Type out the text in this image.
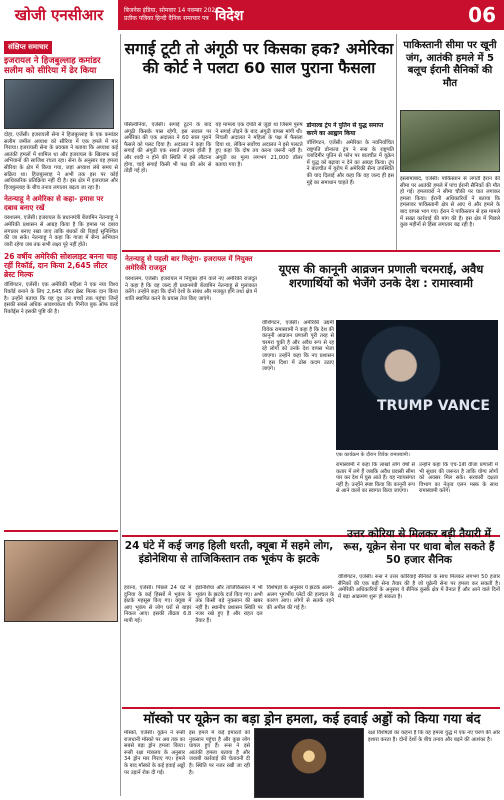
खोजी एनसीआर	बिजनेस इंडिया, सोमवार 14 नवम्बर 2024
प्रतीक पत्रिका हिन्दी दैनिक समाचार पत्र विदेश	06
संक्षिप्त समाचार
इजरायल ने हिजबुल्लाह कमांडर सलीम को सीरिया में ढेर किया
दोहा, एजेंसी। इजरायली सेना ने हिजबुल्लाह के एक कमांडर सलीम जमील अय्याश को सीरिया में एक हमले में मार गिराया। इजरायली सेना के प्रवक्ता ने बताया कि अय्याश कई आतंकी हमलों में शामिल था और इजरायल के खिलाफ कई अभियानों की साजिश रचता रहा। सेना के अनुसार यह हमला सीरिया के क्षेत्र में किया गया, जहां अय्याश लंबे समय से सक्रिय था। हिजबुल्लाह ने अभी तक इस पर कोई आधिकारिक प्रतिक्रिया नहीं दी है। इस क्षेत्र में इजरायल और हिजबुल्लाह के बीच तनाव लगातार बढ़ता जा रहा है।
नेतन्याहू ने अमेरिका से कहा- हमास पर दबाव बनाए रखें
यरुशलम, एजेंसी। इजरायल के प्रधानमंत्री बेंजामिन नेतन्याहू ने अमेरिकी प्रशासन से आग्रह किया है कि हमास पर दबाव लगातार बनाए रखा जाए ताकि बंधकों की रिहाई सुनिश्चित की जा सके। नेतन्याहू ने कहा कि गाजा में सैन्य अभियान जारी रहेगा जब तक सभी लक्ष्य पूरे नहीं होते।
26 वर्षीय अमेरिकी सोशलाइट बनना चाह रहीं रिकॉर्ड, दान किया 2,645 लीटर ब्रेस्ट मिल्क
वॉशिंगटन, एजेंसी। एक अमेरिकी महिला ने एक नया विश्व रिकॉर्ड बनाने के लिए 2,645 लीटर ब्रेस्ट मिल्क दान किया है। उन्होंने बताया कि यह दूध उन बच्चों तक पहुंचा जिन्हें इसकी सबसे अधिक आवश्यकता थी। गिनीज बुक ऑफ वर्ल्ड रिकॉर्ड्स ने इसकी पुष्टि की है।
सगाई टूटी तो अंगूठी पर किसका हक? अमेरिका की कोर्ट ने पलटा 60 साल पुराना फैसला
पेंसिल्वेनिया, एजेंसी। सगाई टूटने के बाद अंगूठी किसके पास रहेगी, इस सवाल पर अमेरिका की एक अदालत ने 60 साल पुराने फैसले को पलट दिया है। अदालत ने कहा कि सगाई की अंगूठी एक सशर्त उपहार होती है और शादी न होने की स्थिति में इसे लौटाना होगा, चाहे सगाई किसी भी पक्ष की ओर से तोड़ी गई हो।
यह मामला एक दंपति से जुड़ा था जिसमें पुरुष ने सगाई तोड़ने के बाद अंगूठी वापस मांगी थी। निचली अदालत ने महिला के पक्ष में फैसला दिया था, लेकिन सर्वोच्च अदालत ने इसे पलटते हुए कहा कि दोष तय करना जरूरी नहीं है। अंगूठी का मूल्य लगभग 21,000 डॉलर बताया गया है।
डोनाल्ड ट्रंप ने पुतिन से युद्ध समाप्त करने का आह्वान किया
वॉशिंगटन, एजेंसी। अमेरिका के नवनिर्वाचित राष्ट्रपति डोनाल्ड ट्रंप ने रूस के राष्ट्रपति व्लादिमीर पुतिन से फोन पर बातचीत में यूक्रेन में युद्ध को बढ़ावा न देने का आग्रह किया। ट्रंप ने बातचीत में यूरोप में अमेरिकी सैन्य उपस्थिति की याद दिलाई और कहा कि वह जल्द ही इस मुद्दे का समाधान चाहते हैं।
पाकिस्तानी सीमा पर खूनी जंग, आतंकी हमले में 5 बलूच ईरानी सैनिकों की मौत
इस्लामाबाद, एजेंसी। पाकिस्तान से लगती ईरान की सीमा पर आतंकी हमले में पांच ईरानी सैनिकों की मौत हो गई। हमलावरों ने सीमा चौकी पर घात लगाकर हमला किया। ईरानी अधिकारियों ने बताया कि हमलावर पाकिस्तानी क्षेत्र से आए थे और हमले के बाद वापस भाग गए। ईरान ने पाकिस्तान से इस मामले में सख्त कार्रवाई की मांग की है। इस क्षेत्र में पिछले कुछ महीनों से हिंसा लगातार बढ़ रही है।
नेतन्याहू से पहली बार मिलूंगा- इजरायल में नियुक्त अमेरिकी राजदूत
यरुशलम, एजेंसी। इजरायल में नियुक्त होने वाले नए अमेरिकी राजदूत ने कहा है कि वह जल्द ही प्रधानमंत्री बेंजामिन नेतन्याहू से मुलाकात करेंगे। उन्होंने कहा कि दोनों देशों के संबंध और मजबूत होंगे तथा क्षेत्र में शांति स्थापित करने के प्रयास तेज किए जाएंगे।
यूएस की कानूनी आव्रजन प्रणाली चरमराई, अवैध शरणार्थियों को भेजेंगे उनके देश : रामास्वामी
वॉशिंगटन, एजेंसी। अमेरिकी उद्यमी विवेक रामास्वामी ने कहा है कि देश की कानूनी आव्रजन प्रणाली पूरी तरह से चरमरा चुकी है और अवैध रूप से रह रहे लोगों को उनके देश वापस भेजा जाएगा। उन्होंने कहा कि नए प्रशासन में इस दिशा में ठोस कदम उठाए जाएंगे।
TRUMP VANCE
एक कार्यक्रम के दौरान विवेक रामास्वामी।
रामास्वामी ने कहा कि लाखों लोग वर्षों से कतार में लगे हैं जबकि अवैध प्रवासी सीमा पार कर देश में घुस आते हैं। यह न्यायसंगत नहीं है। उन्होंने स्पष्ट किया कि कानूनी रूप से आने वालों का स्वागत किया जाएगा।
उन्होंने कहा कि एच-1बी वीजा प्रणाली में भी सुधार की जरूरत है ताकि योग्य लोगों को अवसर मिल सके। सरकारी दक्षता विभाग का नेतृत्व एलन मस्क के साथ रामास्वामी करेंगे।
24 घंटे में कई जगह हिली धरती, क्यूबा में सहमे लोग, इंडोनेशिया से ताजिकिस्तान तक भूकंप के झटके
हवाना, एजेंसी। पिछले 24 घंटे में दुनिया के कई हिस्सों में भूकंप के झटके महसूस किए गए। क्यूबा में आए भूकंप से लोग घरों से बाहर निकल आए। इसकी तीव्रता 6.8 मापी गई।
इंडोनेशिया और ताजिकिस्तान में भी भूकंप के झटके दर्ज किए गए। अभी तक किसी बड़े नुकसान की खबर नहीं है। स्थानीय प्रशासन स्थिति पर नजर रखे हुए है और राहत दल तैयार हैं।
विशेषज्ञों के अनुसार ये झटके अलग-अलग भूगर्भीय प्लेटों की हलचल के कारण आए। लोगों से सतर्क रहने की अपील की गई है।
उत्तर कोरिया से मिलकर बड़ी तैयारी में रूस, यूक्रेन सेना पर धावा बोल सकते हैं 50 हजार सैनिक
वॉशिंगटन, एजेंसी। रूस ने उत्तर कोरियाई सैनिकों के साथ मिलकर लगभग 50 हजार सैनिकों की एक बड़ी सेना तैयार की है जो यूक्रेनी सेना पर हमला कर सकती है। अमेरिकी अधिकारियों के अनुसार ये सैनिक कुर्स्क क्षेत्र में तैनात हैं और आने वाले दिनों में बड़ा आक्रमण शुरू हो सकता है।
मॉस्को पर यूक्रेन का बड़ा ड्रोन हमला, कई हवाई अड्डों को किया गया बंद
मॉस्को, एजेंसी। यूक्रेन ने रूसी राजधानी मॉस्को पर अब तक का सबसे बड़ा ड्रोन हमला किया। रूसी रक्षा मंत्रालय के अनुसार 34 ड्रोन मार गिराए गए। हमले के बाद मॉस्को के कई हवाई अड्डों पर उड़ानें रोक दी गईं।
इस हमले में कई इमारतों को नुकसान पहुंचा है और कुछ लोग घायल हुए हैं। रूस ने इसे आतंकी हमला बताया है और जवाबी कार्रवाई की चेतावनी दी है। स्थिति पर नजर रखी जा रही है।
रक्षा विशेषज्ञों का कहना है कि यह हमला युद्ध में एक नए चरण की ओर इशारा करता है। दोनों देशों के बीच तनाव और बढ़ने की आशंका है।
